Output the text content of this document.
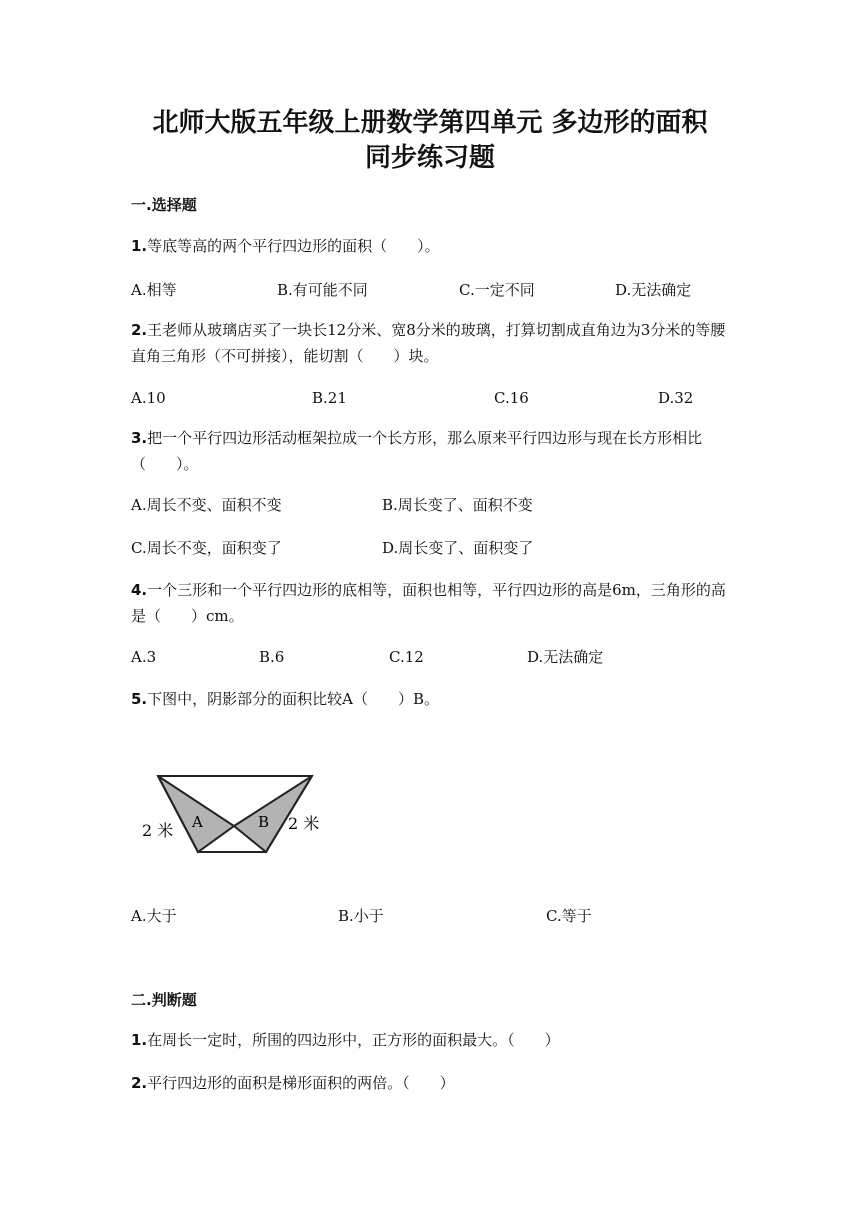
北师大版五年级上册数学第四单元 多边形的面积
同步练习题
一.选择题
1.等底等高的两个平行四边形的面积（　　）。
A.相等	B.有可能不同	C.一定不同	D.无法确定
2.王老师从玻璃店买了一块长12分米、宽8分米的玻璃，打算切割成直角边为3分米的等腰直角三角形（不可拼接），能切割（　　）块。
A.10	B.21	C.16	D.32
3.把一个平行四边形活动框架拉成一个长方形，那么原来平行四边形与现在长方形相比（　　）。
A.周长不变、面积不变	B.周长变了、面积不变
C.周长不变，面积变了	D.周长变了、面积变了
4.一个三形和一个平行四边形的底相等，面积也相等，平行四边形的高是6m，三角形的高是（　　）cm。
A.3	B.6	C.12	D.无法确定
5.下图中，阴影部分的面积比较A（　　）B。
A	B
2 米	2 米
A.大于	B.小于	C.等于
二.判断题
1.在周长一定时，所围的四边形中，正方形的面积最大。（　　）
2.平行四边形的面积是梯形面积的两倍。（　　）
